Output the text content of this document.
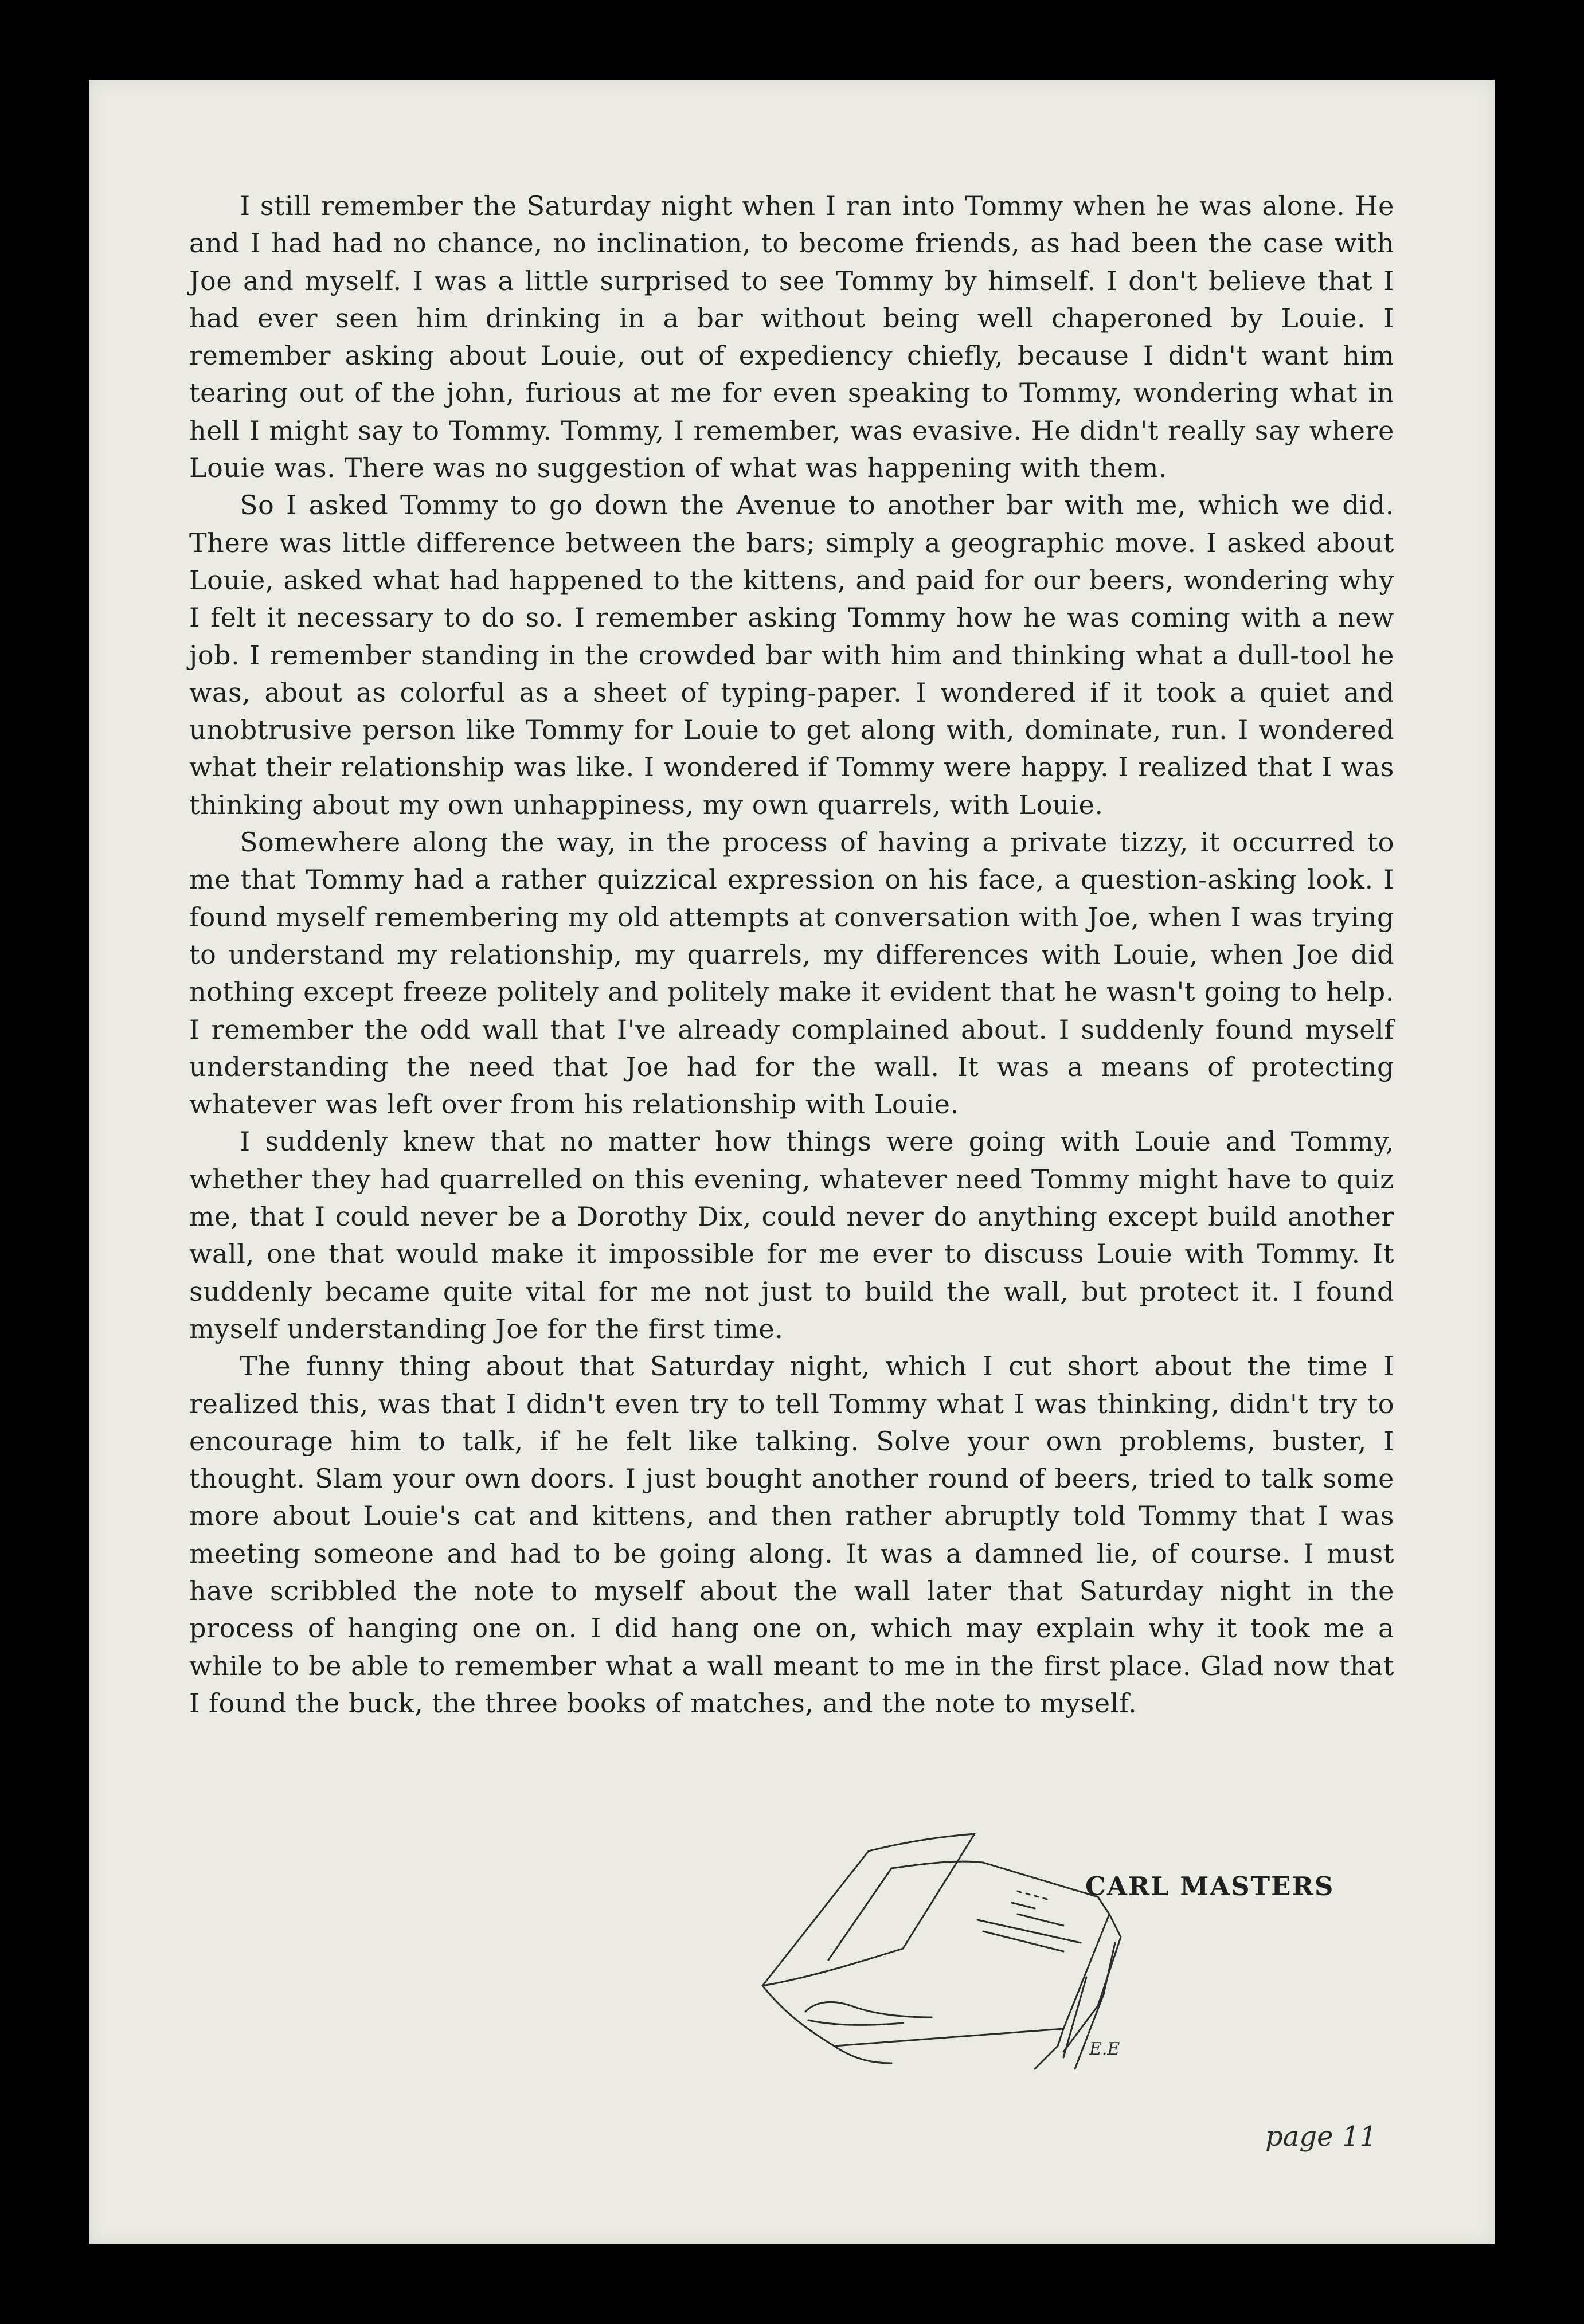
I still remember the Saturday night when I ran into Tommy when he was alone. He and I had had no chance, no inclination, to become friends, as had been the case with Joe and myself. I was a little surprised to see Tommy by himself. I don't believe that I had ever seen him drinking in a bar without being well chaperoned by Louie. I remember asking about Louie, out of expediency chiefly, because I didn't want him tearing out of the john, furious at me for even speaking to Tommy, wondering what in hell I might say to Tommy. Tommy, I remember, was evasive. He didn't really say where Louie was. There was no suggestion of what was happening with them.

So I asked Tommy to go down the Avenue to another bar with me, which we did. There was little difference between the bars; simply a geographic move. I asked about Louie, asked what had happened to the kittens, and paid for our beers, wondering why I felt it necessary to do so. I remember asking Tommy how he was coming with a new job. I remember standing in the crowded bar with him and thinking what a dull-tool he was, about as colorful as a sheet of typing-paper. I wondered if it took a quiet and unobtrusive person like Tommy for Louie to get along with, dominate, run. I wondered what their relationship was like. I wondered if Tommy were happy. I realized that I was thinking about my own unhappiness, my own quarrels, with Louie.

Somewhere along the way, in the process of having a private tizzy, it occurred to me that Tommy had a rather quizzical expression on his face, a question-asking look. I found myself remembering my old attempts at conversation with Joe, when I was trying to understand my relationship, my quarrels, my differences with Louie, when Joe did nothing except freeze politely and politely make it evident that he wasn't going to help. I remember the odd wall that I've already complained about. I suddenly found myself understanding the need that Joe had for the wall. It was a means of protecting whatever was left over from his relationship with Louie.

I suddenly knew that no matter how things were going with Louie and Tommy, whether they had quarrelled on this evening, whatever need Tommy might have to quiz me, that I could never be a Dorothy Dix, could never do anything except build another wall, one that would make it impossible for me ever to discuss Louie with Tommy. It suddenly became quite vital for me not just to build the wall, but protect it. I found myself understanding Joe for the first time.

The funny thing about that Saturday night, which I cut short about the time I realized this, was that I didn't even try to tell Tommy what I was thinking, didn't try to encourage him to talk, if he felt like talking. Solve your own problems, buster, I thought. Slam your own doors. I just bought another round of beers, tried to talk some more about Louie's cat and kittens, and then rather abruptly told Tommy that I was meeting someone and had to be going along. It was a damned lie, of course. I must have scribbled the note to myself about the wall later that Saturday night in the process of hanging one on. I did hang one on, which may explain why it took me a while to be able to remember what a wall meant to me in the first place. Glad now that I found the buck, the three books of matches, and the note to myself.

CARL MASTERS
E.E
page 11
